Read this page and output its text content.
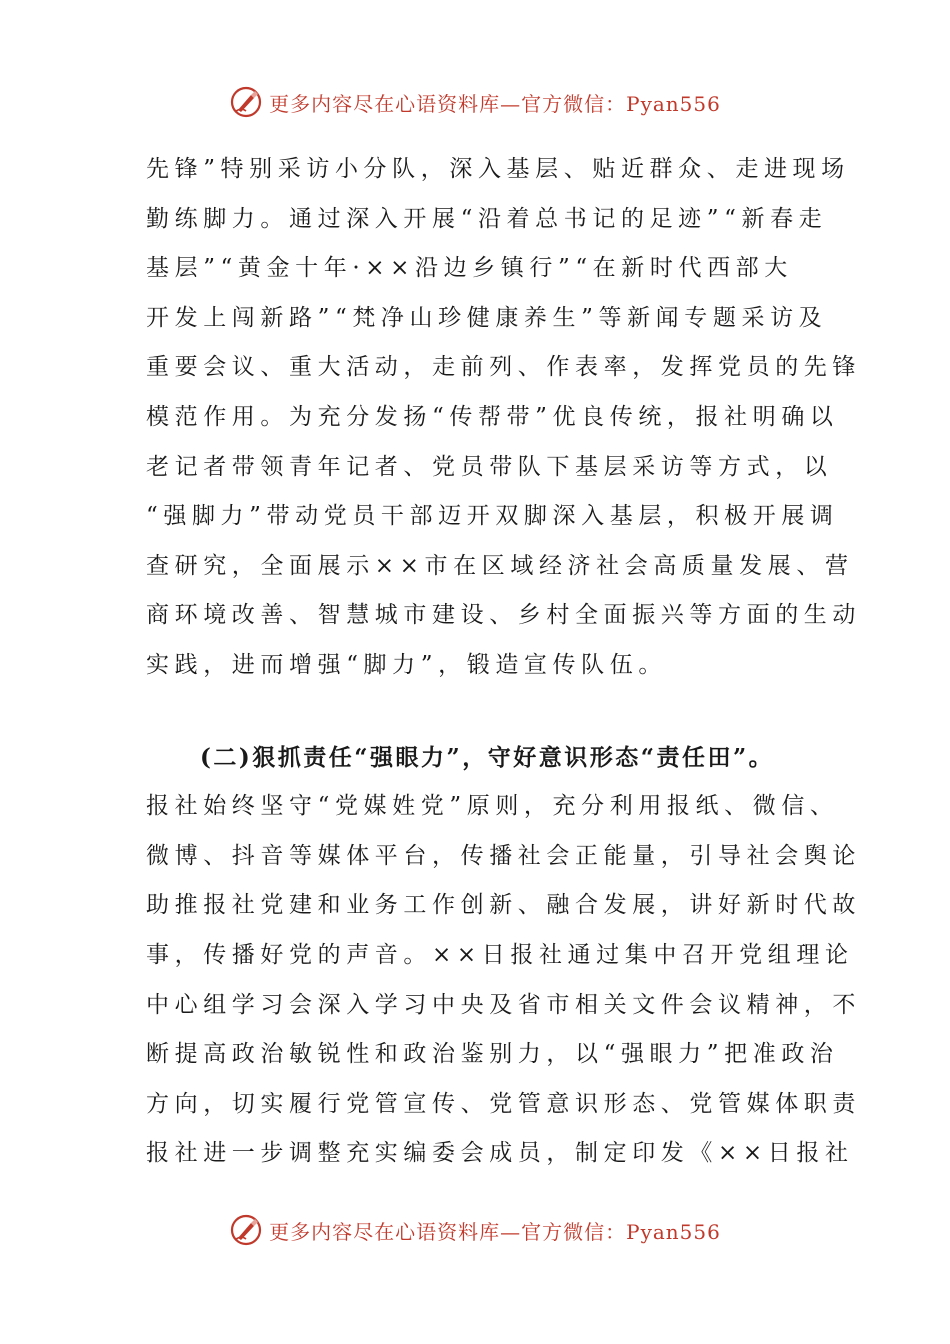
更多内容尽在心语资料库—官方微信：Pyan556
先锋”特别采访小分队，深入基层、贴近群众、走进现场
勤练脚力。通过深入开展“沿着总书记的足迹”“新春走
基层”“黄金十年·××沿边乡镇行”“在新时代西部大
开发上闯新路”“梵净山珍健康养生”等新闻专题采访及
重要会议、重大活动，走前列、作表率，发挥党员的先锋
模范作用。为充分发扬“传帮带”优良传统，报社明确以
老记者带领青年记者、党员带队下基层采访等方式，以
“强脚力”带动党员干部迈开双脚深入基层，积极开展调
查研究，全面展示××市在区域经济社会高质量发展、营
商环境改善、智慧城市建设、乡村全面振兴等方面的生动
实践，进而增强“脚力”，锻造宣传队伍。
(二)狠抓责任“强眼力”，守好意识形态“责任田”。
报社始终坚守“党媒姓党”原则，充分利用报纸、微信、
微博、抖音等媒体平台，传播社会正能量，引导社会舆论
助推报社党建和业务工作创新、融合发展，讲好新时代故
事，传播好党的声音。××日报社通过集中召开党组理论
中心组学习会深入学习中央及省市相关文件会议精神，不
断提高政治敏锐性和政治鉴别力，以“强眼力”把准政治
方向，切实履行党管宣传、党管意识形态、党管媒体职责
报社进一步调整充实编委会成员，制定印发《××日报社
更多内容尽在心语资料库—官方微信：Pyan556
